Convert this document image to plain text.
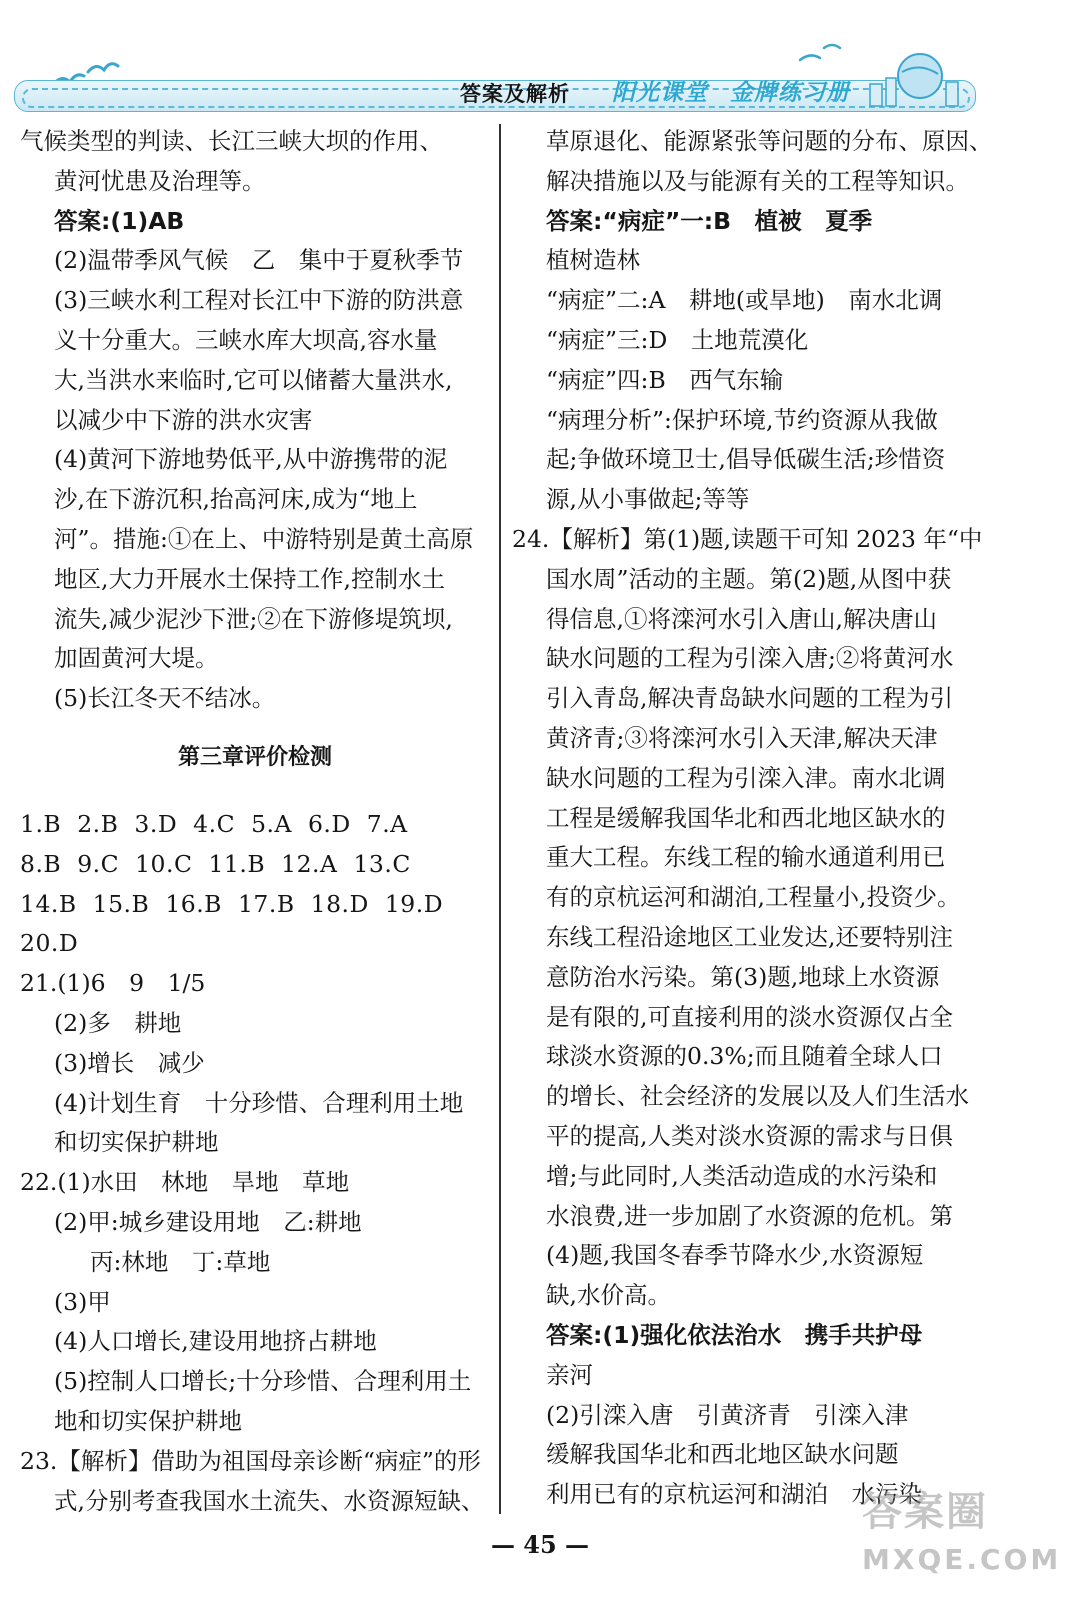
答案及解析 阳光课堂 金牌练习册
气候类型的判读、长江三峡大坝的作用、
黄河忧患及治理等。
答案:(1)AB
(2)温带季风气候　乙　集中于夏秋季节
(3)三峡水利工程对长江中下游的防洪意
义十分重大。三峡水库大坝高,容水量
大,当洪水来临时,它可以储蓄大量洪水,
以减少中下游的洪水灾害
(4)黄河下游地势低平,从中游携带的泥
沙,在下游沉积,抬高河床,成为“地上
河”。措施:①在上、中游特别是黄土高原
地区,大力开展水土保持工作,控制水土
流失,减少泥沙下泄;②在下游修堤筑坝,
加固黄河大堤。
(5)长江冬天不结冰。
第三章评价检测
1.B 2.B 3.D 4.C 5.A 6.D 7.A
8.B 9.C 10.C 11.B 12.A 13.C
14.B 15.B 16.B 17.B 18.D 19.D
20.D
21.(1)6　9　1/5
(2)多　耕地
(3)增长　减少
(4)计划生育　十分珍惜、合理利用土地
和切实保护耕地
22.(1)水田　林地　旱地　草地
(2)甲:城乡建设用地　乙:耕地
丙:林地　丁:草地
(3)甲
(4)人口增长,建设用地挤占耕地
(5)控制人口增长;十分珍惜、合理利用土
地和切实保护耕地
23.【解析】借助为祖国母亲诊断“病症”的形
式,分别考查我国水土流失、水资源短缺、
草原退化、能源紧张等问题的分布、原因、
解决措施以及与能源有关的工程等知识。
答案:“病症”一:B　植被　夏季
植树造林
“病症”二:A　耕地(或旱地)　南水北调
“病症”三:D　土地荒漠化
“病症”四:B　西气东输
“病理分析”:保护环境,节约资源从我做
起;争做环境卫士,倡导低碳生活;珍惜资
源,从小事做起;等等
24.【解析】第(1)题,读题干可知 2023 年“中
国水周”活动的主题。第(2)题,从图中获
得信息,①将滦河水引入唐山,解决唐山
缺水问题的工程为引滦入唐;②将黄河水
引入青岛,解决青岛缺水问题的工程为引
黄济青;③将滦河水引入天津,解决天津
缺水问题的工程为引滦入津。南水北调
工程是缓解我国华北和西北地区缺水的
重大工程。东线工程的输水通道利用已
有的京杭运河和湖泊,工程量小,投资少。
东线工程沿途地区工业发达,还要特别注
意防治水污染。第(3)题,地球上水资源
是有限的,可直接利用的淡水资源仅占全
球淡水资源的0.3%;而且随着全球人口
的增长、社会经济的发展以及人们生活水
平的提高,人类对淡水资源的需求与日俱
增;与此同时,人类活动造成的水污染和
水浪费,进一步加剧了水资源的危机。第
(4)题,我国冬春季节降水少,水资源短
缺,水价高。
答案:(1)强化依法治水　携手共护母
亲河
(2)引滦入唐　引黄济青　引滦入津
缓解我国华北和西北地区缺水问题
利用已有的京杭运河和湖泊　水污染
— 45 —
答案圈
MXQE.COM
